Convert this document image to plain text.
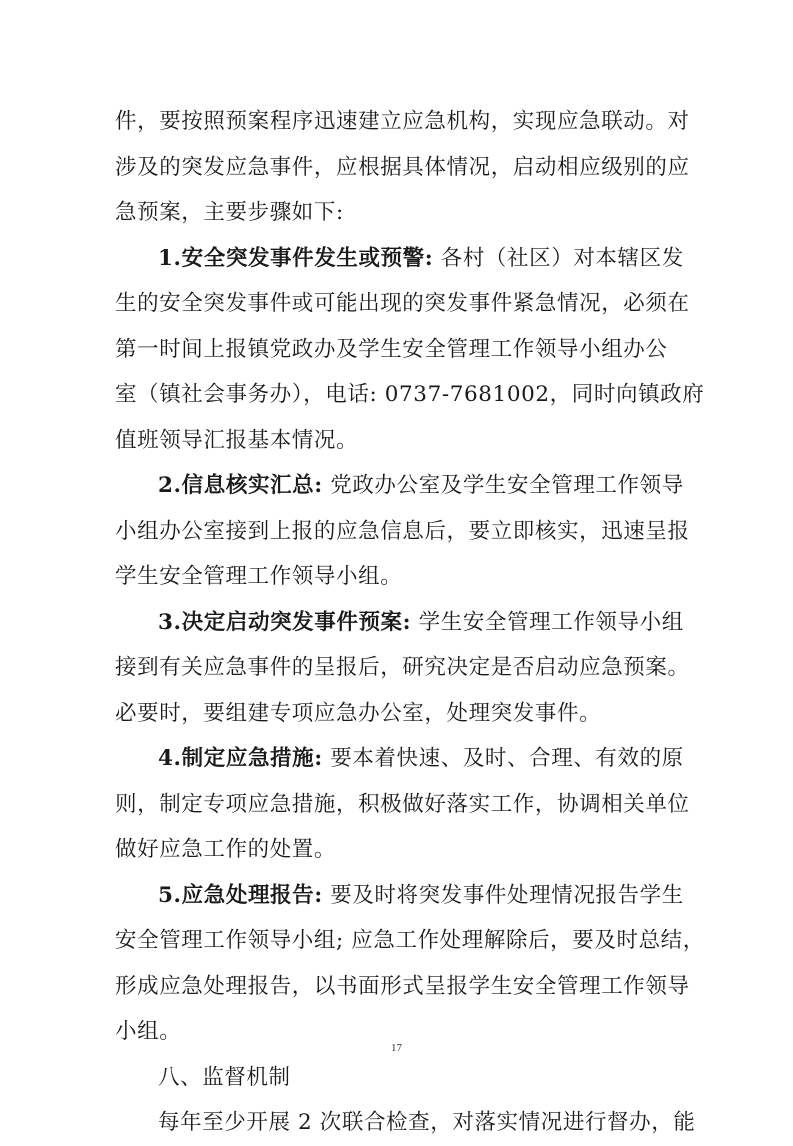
件，要按照预案程序迅速建立应急机构，实现应急联动。对
涉及的突发应急事件，应根据具体情况，启动相应级别的应
急预案，主要步骤如下:
1.安全突发事件发生或预警: 各村（社区）对本辖区发
生的安全突发事件或可能出现的突发事件紧急情况，必须在
第一时间上报镇党政办及学生安全管理工作领导小组办公
室（镇社会事务办），电话: 0737-7681002，同时向镇政府
值班领导汇报基本情况。
2.信息核实汇总: 党政办公室及学生安全管理工作领导
小组办公室接到上报的应急信息后，要立即核实，迅速呈报
学生安全管理工作领导小组。
3.决定启动突发事件预案: 学生安全管理工作领导小组
接到有关应急事件的呈报后，研究决定是否启动应急预案。
必要时，要组建专项应急办公室，处理突发事件。
4.制定应急措施: 要本着快速、及时、合理、有效的原
则，制定专项应急措施，积极做好落实工作，协调相关单位
做好应急工作的处置。
5.应急处理报告: 要及时将突发事件处理情况报告学生
安全管理工作领导小组; 应急工作处理解除后，要及时总结，
形成应急处理报告，以书面形式呈报学生安全管理工作领导
小组。
八、监督机制
每年至少开展 2 次联合检查，对落实情况进行督办，能
17
